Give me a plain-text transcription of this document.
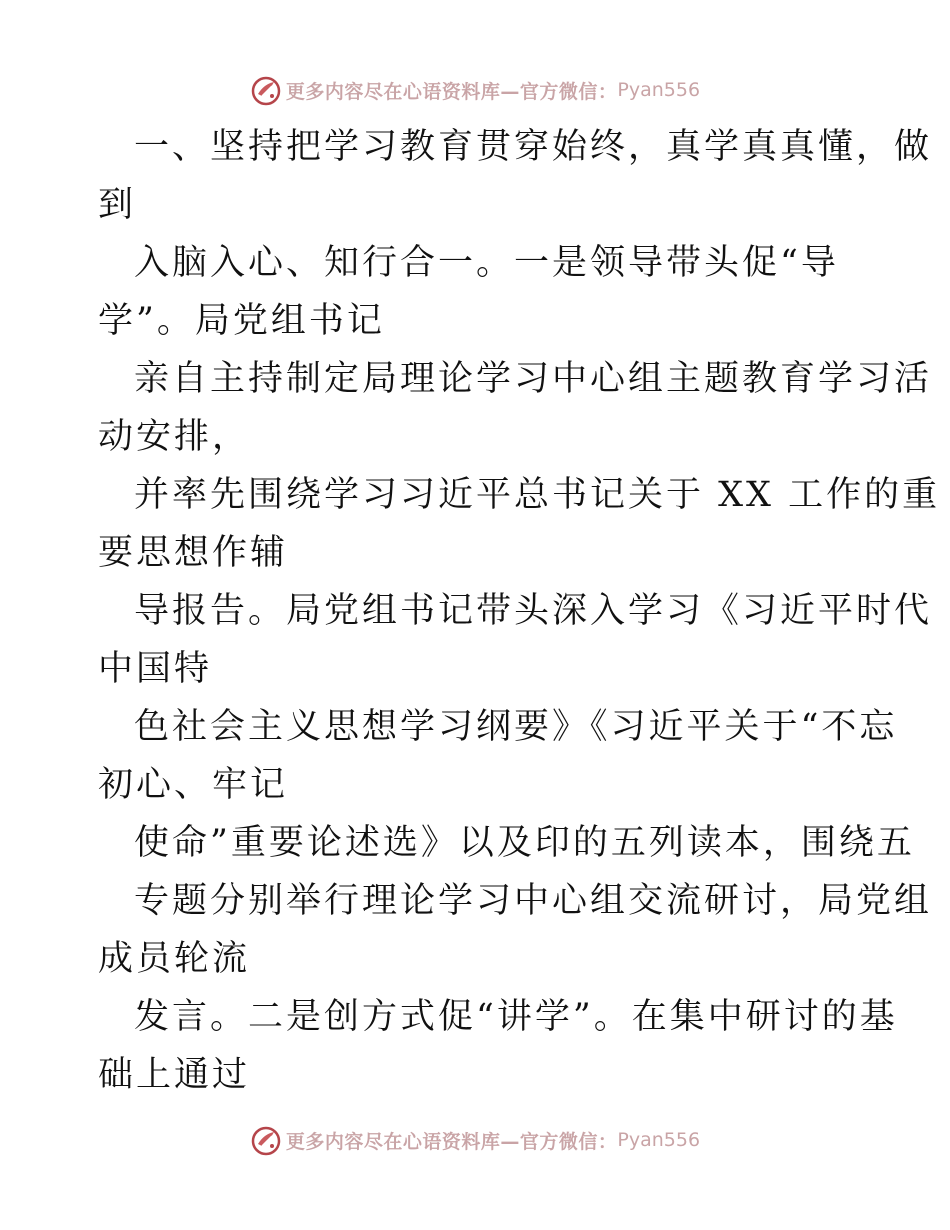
更多内容尽在心语资料库—官方微信： Pyan556
一、坚持把学习教育贯穿始终，真学真真懂，做
到
入脑入心、知行合一。一是领导带头促“导
学”。局党组书记
亲自主持制定局理论学习中心组主题教育学习活
动安排，
并率先围绕学习习近平总书记关于 XX 工作的重
要思想作辅
导报告。局党组书记带头深入学习《习近平时代
中国特
色社会主义思想学习纲要》《习近平关于“不忘
初心、牢记
使命”重要论述选》以及印的五列读本，围绕五
专题分别举行理论学习中心组交流研讨，局党组
成员轮流
发言。二是创方式促“讲学”。在集中研讨的基
础上通过
更多内容尽在心语资料库—官方微信： Pyan556
